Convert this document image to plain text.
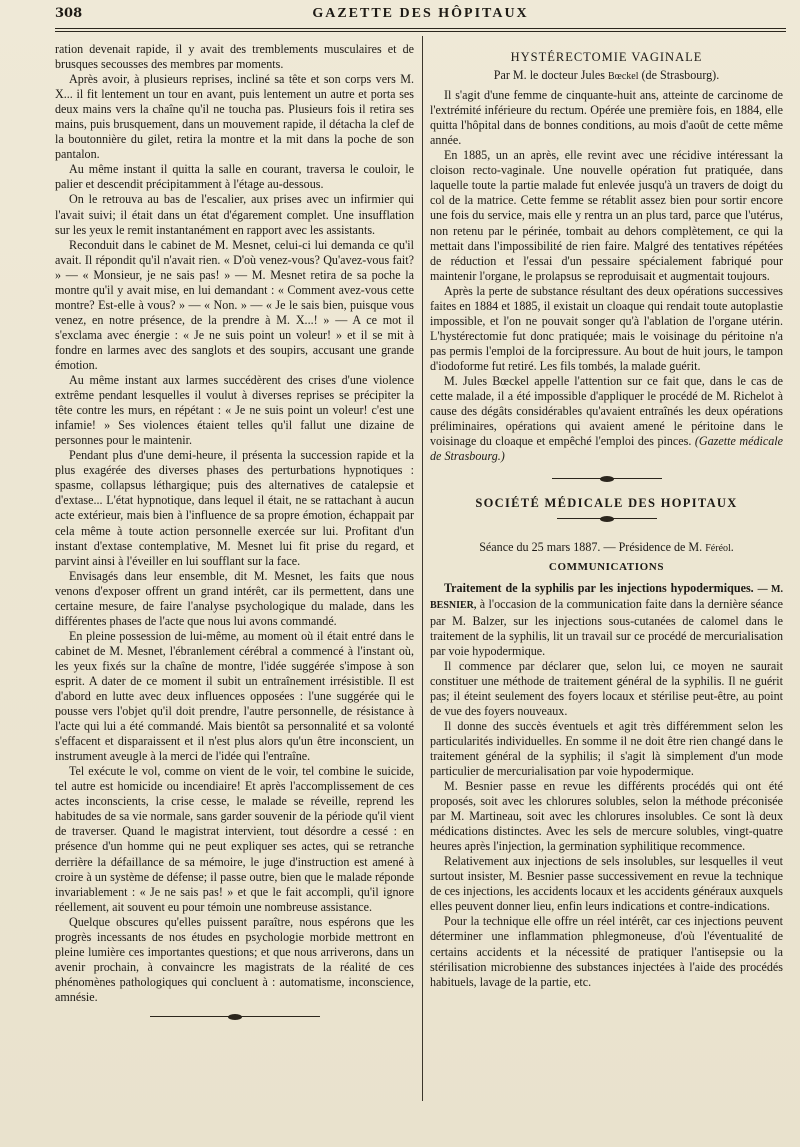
308	GAZETTE DES HÔPITAUX

ration devenait rapide, il y avait des tremblements musculaires et de brusques secousses des membres par moments.

Après avoir, à plusieurs reprises, incliné sa tête et son corps vers M. X... il fit lentement un tour en avant, puis lentement un autre et porta ses deux mains vers la chaîne qu'il ne toucha pas. Plusieurs fois il retira ses mains, puis brusquement, dans un mouvement rapide, il détacha la clef de la boutonnière du gilet, retira la montre et la mit dans la poche de son pantalon.

Au même instant il quitta la salle en courant, traversa le couloir, le palier et descendit précipitamment à l'étage au-dessous.

On le retrouva au bas de l'escalier, aux prises avec un infirmier qui l'avait suivi; il était dans un état d'égarement complet. Une insufflation sur les yeux le remit instantanément en rapport avec les assistants.

Reconduit dans le cabinet de M. Mesnet, celui-ci lui demanda ce qu'il avait. Il répondit qu'il n'avait rien. « D'où venez-vous? Qu'avez-vous fait? » — « Monsieur, je ne sais pas! » — M. Mesnet retira de sa poche la montre qu'il y avait mise, en lui demandant : « Comment avez-vous cette montre? Est-elle à vous? » — « Non. » — « Je le sais bien, puisque vous venez, en notre présence, de la prendre à M. X...! » — A ce mot il s'exclama avec énergie : « Je ne suis point un voleur! » et il se mit à fondre en larmes avec des sanglots et des soupirs, accusant une grande émotion.

Au même instant aux larmes succédèrent des crises d'une violence extrême pendant lesquelles il voulut à diverses reprises se précipiter la tête contre les murs, en répétant : « Je ne suis point un voleur! c'est une infamie! » Ses violences étaient telles qu'il fallut une dizaine de personnes pour le maintenir.

Pendant plus d'une demi-heure, il présenta la succession rapide et la plus exagérée des diverses phases des perturbations hypnotiques : spasme, collapsus léthargique; puis des alternatives de catalepsie et d'extase... L'état hypnotique, dans lequel il était, ne se rattachant à aucun acte extérieur, mais bien à l'influence de sa propre émotion, échappait par cela même à toute action personnelle exercée sur lui. Profitant d'un instant d'extase contemplative, M. Mesnet lui fit prise du regard, et parvint ainsi à l'éveiller en lui soufflant sur la face.

Envisagés dans leur ensemble, dit M. Mesnet, les faits que nous venons d'exposer offrent un grand intérêt, car ils permettent, dans une certaine mesure, de faire l'analyse psychologique du malade, dans les différentes phases de l'acte que nous lui avons commandé.

En pleine possession de lui-même, au moment où il était entré dans le cabinet de M. Mesnet, l'ébranlement cérébral a commencé à l'instant où, les yeux fixés sur la chaîne de montre, l'idée suggérée s'impose à son esprit. A dater de ce moment il subit un entraînement irrésistible. Il est d'abord en lutte avec deux influences opposées : l'une suggérée qui le pousse vers l'objet qu'il doit prendre, l'autre personnelle, de résistance à l'acte qui lui a été commandé. Mais bientôt sa personnalité et sa volonté s'effacent et disparaissent et il n'est plus alors qu'un être inconscient, un instrument aveugle à la merci de l'idée qui l'entraîne.

Tel exécute le vol, comme on vient de le voir, tel combine le suicide, tel autre est homicide ou incendiaire! Et après l'accomplissement de ces actes inconscients, la crise cesse, le malade se réveille, reprend les habitudes de sa vie normale, sans garder souvenir de la période qu'il vient de traverser. Quand le magistrat intervient, tout désordre a cessé : en présence d'un homme qui ne peut expliquer ses actes, qui se retranche derrière la défaillance de sa mémoire, le juge d'instruction est amené à croire à un système de défense; il passe outre, bien que le malade réponde invariablement : « Je ne sais pas! » et que le fait accompli, qu'il ignore réellement, ait souvent eu pour témoin une nombreuse assistance.

Quelque obscures qu'elles puissent paraître, nous espérons que les progrès incessants de nos études en psychologie morbide mettront en pleine lumière ces importantes questions; et que nous arriverons, dans un avenir prochain, à convaincre les magistrats de la réalité de ces phénomènes pathologiques qui concluent à : automatisme, inconscience, amnésie.

HYSTÉRECTOMIE VAGINALE

Par M. le docteur Jules Bœckel (de Strasbourg).

Il s'agit d'une femme de cinquante-huit ans, atteinte de carcinome de l'extrémité inférieure du rectum. Opérée une première fois, en 1884, elle quitta l'hôpital dans de bonnes conditions, au mois d'août de cette même année.

En 1885, un an après, elle revint avec une récidive intéressant la cloison recto-vaginale. Une nouvelle opération fut pratiquée, dans laquelle toute la partie malade fut enlevée jusqu'à un travers de doigt du col de la matrice. Cette femme se rétablit assez bien pour sortir encore une fois du service, mais elle y rentra un an plus tard, parce que l'utérus, non retenu par le périnée, tombait au dehors complètement, ce qui la mettait dans l'impossibilité de rien faire. Malgré des tentatives répétées de réduction et l'essai d'un pessaire spécialement fabriqué pour maintenir l'organe, le prolapsus se reproduisait et augmentait toujours.

Après la perte de substance résultant des deux opérations successives faites en 1884 et 1885, il existait un cloaque qui rendait toute autoplastie impossible, et l'on ne pouvait songer qu'à l'ablation de l'organe utérin. L'hystérectomie fut donc pratiquée; mais le voisinage du péritoine n'a pas permis l'emploi de la forcipressure. Au bout de huit jours, le tampon d'iodoforme fut retiré. Les fils tombés, la malade guérit.

M. Jules Bœckel appelle l'attention sur ce fait que, dans le cas de cette malade, il a été impossible d'appliquer le procédé de M. Richelot à cause des dégâts considérables qu'avaient entraînés les deux opérations préliminaires, opérations qui avaient amené le péritoine dans le voisinage du cloaque et empêché l'emploi des pinces. (Gazette médicale de Strasbourg.)

SOCIÉTÉ MÉDICALE DES HOPITAUX

Séance du 25 mars 1887. — Présidence de M. Féréol.

COMMUNICATIONS

Traitement de la syphilis par les injections hypodermiques. — M. BESNIER, à l'occasion de la communication faite dans la dernière séance par M. Balzer, sur les injections sous-cutanées de calomel dans le traitement de la syphilis, lit un travail sur ce procédé de mercurialisation par voie hypodermique.

Il commence par déclarer que, selon lui, ce moyen ne saurait constituer une méthode de traitement général de la syphilis. Il ne guérit pas; il éteint seulement des foyers locaux et stérilise peut-être, au point de vue des foyers nouveaux.

Il donne des succès éventuels et agit très différemment selon les particularités individuelles. En somme il ne doit être rien changé dans le traitement général de la syphilis; il s'agit là simplement d'un mode particulier de mercurialisation par voie hypodermique.

M. Besnier passe en revue les différents procédés qui ont été proposés, soit avec les chlorures solubles, selon la méthode préconisée par M. Martineau, soit avec les chlorures insolubles. Ce sont là deux médications distinctes. Avec les sels de mercure solubles, vingt-quatre heures après l'injection, la germination syphilitique recommence.

Relativement aux injections de sels insolubles, sur lesquelles il veut surtout insister, M. Besnier passe successivement en revue la technique de ces injections, les accidents locaux et les accidents généraux auxquels elles peuvent donner lieu, enfin leurs indications et contre-indications.

Pour la technique elle offre un réel intérêt, car ces injections peuvent déterminer une inflammation phlegmoneuse, d'où l'éventualité de certains accidents et la nécessité de pratiquer l'antisepsie ou la stérilisation microbienne des substances injectées à l'aide des procédés habituels, lavage de la partie, etc.
